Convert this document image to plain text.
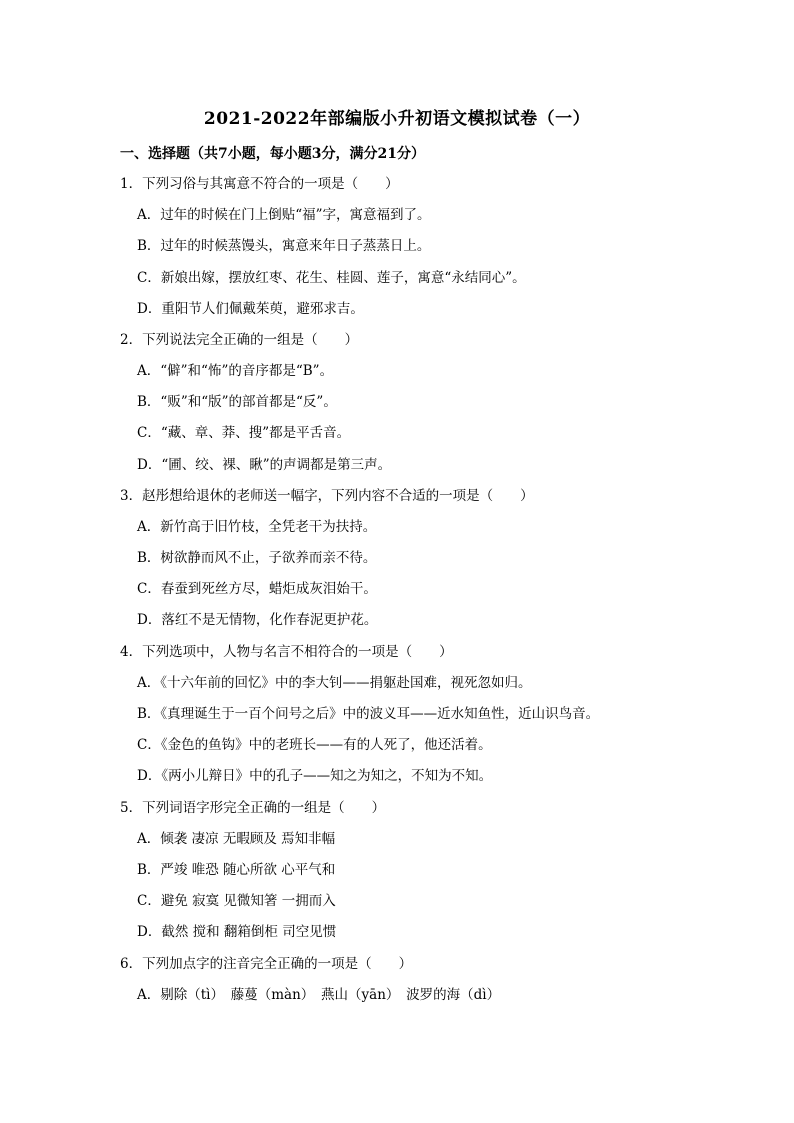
2021-2022年部编版小升初语文模拟试卷（一）
一、选择题（共7小题，每小题3分，满分21分）
1．下列习俗与其寓意不符合的一项是（　　）
A．过年的时候在门上倒贴“福”字，寓意福到了。
B．过年的时候蒸馒头，寓意来年日子蒸蒸日上。
C．新娘出嫁，摆放红枣、花生、桂圆、莲子，寓意“永结同心”。
D．重阳节人们佩戴茱萸，避邪求吉。
2．下列说法完全正确的一组是（　　）
A．“僻”和“怖”的音序都是“B”。
B．“贩”和“版”的部首都是“反”。
C．“藏、章、莽、搜”都是平舌音。
D．“圃、绞、裸、瞅”的声调都是第三声。
3．赵彤想给退休的老师送一幅字，下列内容不合适的一项是（　　）
A．新竹高于旧竹枝，全凭老干为扶持。
B．树欲静而风不止，子欲养而亲不待。
C．春蚕到死丝方尽，蜡炬成灰泪始干。
D．落红不是无情物，化作春泥更护花。
4．下列选项中，人物与名言不相符合的一项是（　　）
A．《十六年前的回忆》中的李大钊——捐躯赴国难，视死忽如归。
B．《真理诞生于一百个问号之后》中的波义耳——近水知鱼性，近山识鸟音。
C．《金色的鱼钩》中的老班长——有的人死了，他还活着。
D．《两小儿辩日》中的孔子——知之为知之，不知为不知。
5．下列词语字形完全正确的一组是（　　）
A．倾袭 凄凉 无暇顾及 焉知非幅
B．严竣 唯恐 随心所欲 心平气和
C．避免 寂寞 见微知箸 一拥而入
D．截然 搅和 翻箱倒柜 司空见惯
6．下列加点字的注音完全正确的一项是（　　）
A．剔除（tì）　藤蔓（màn）　燕山（yān）　波罗的海（dì）
